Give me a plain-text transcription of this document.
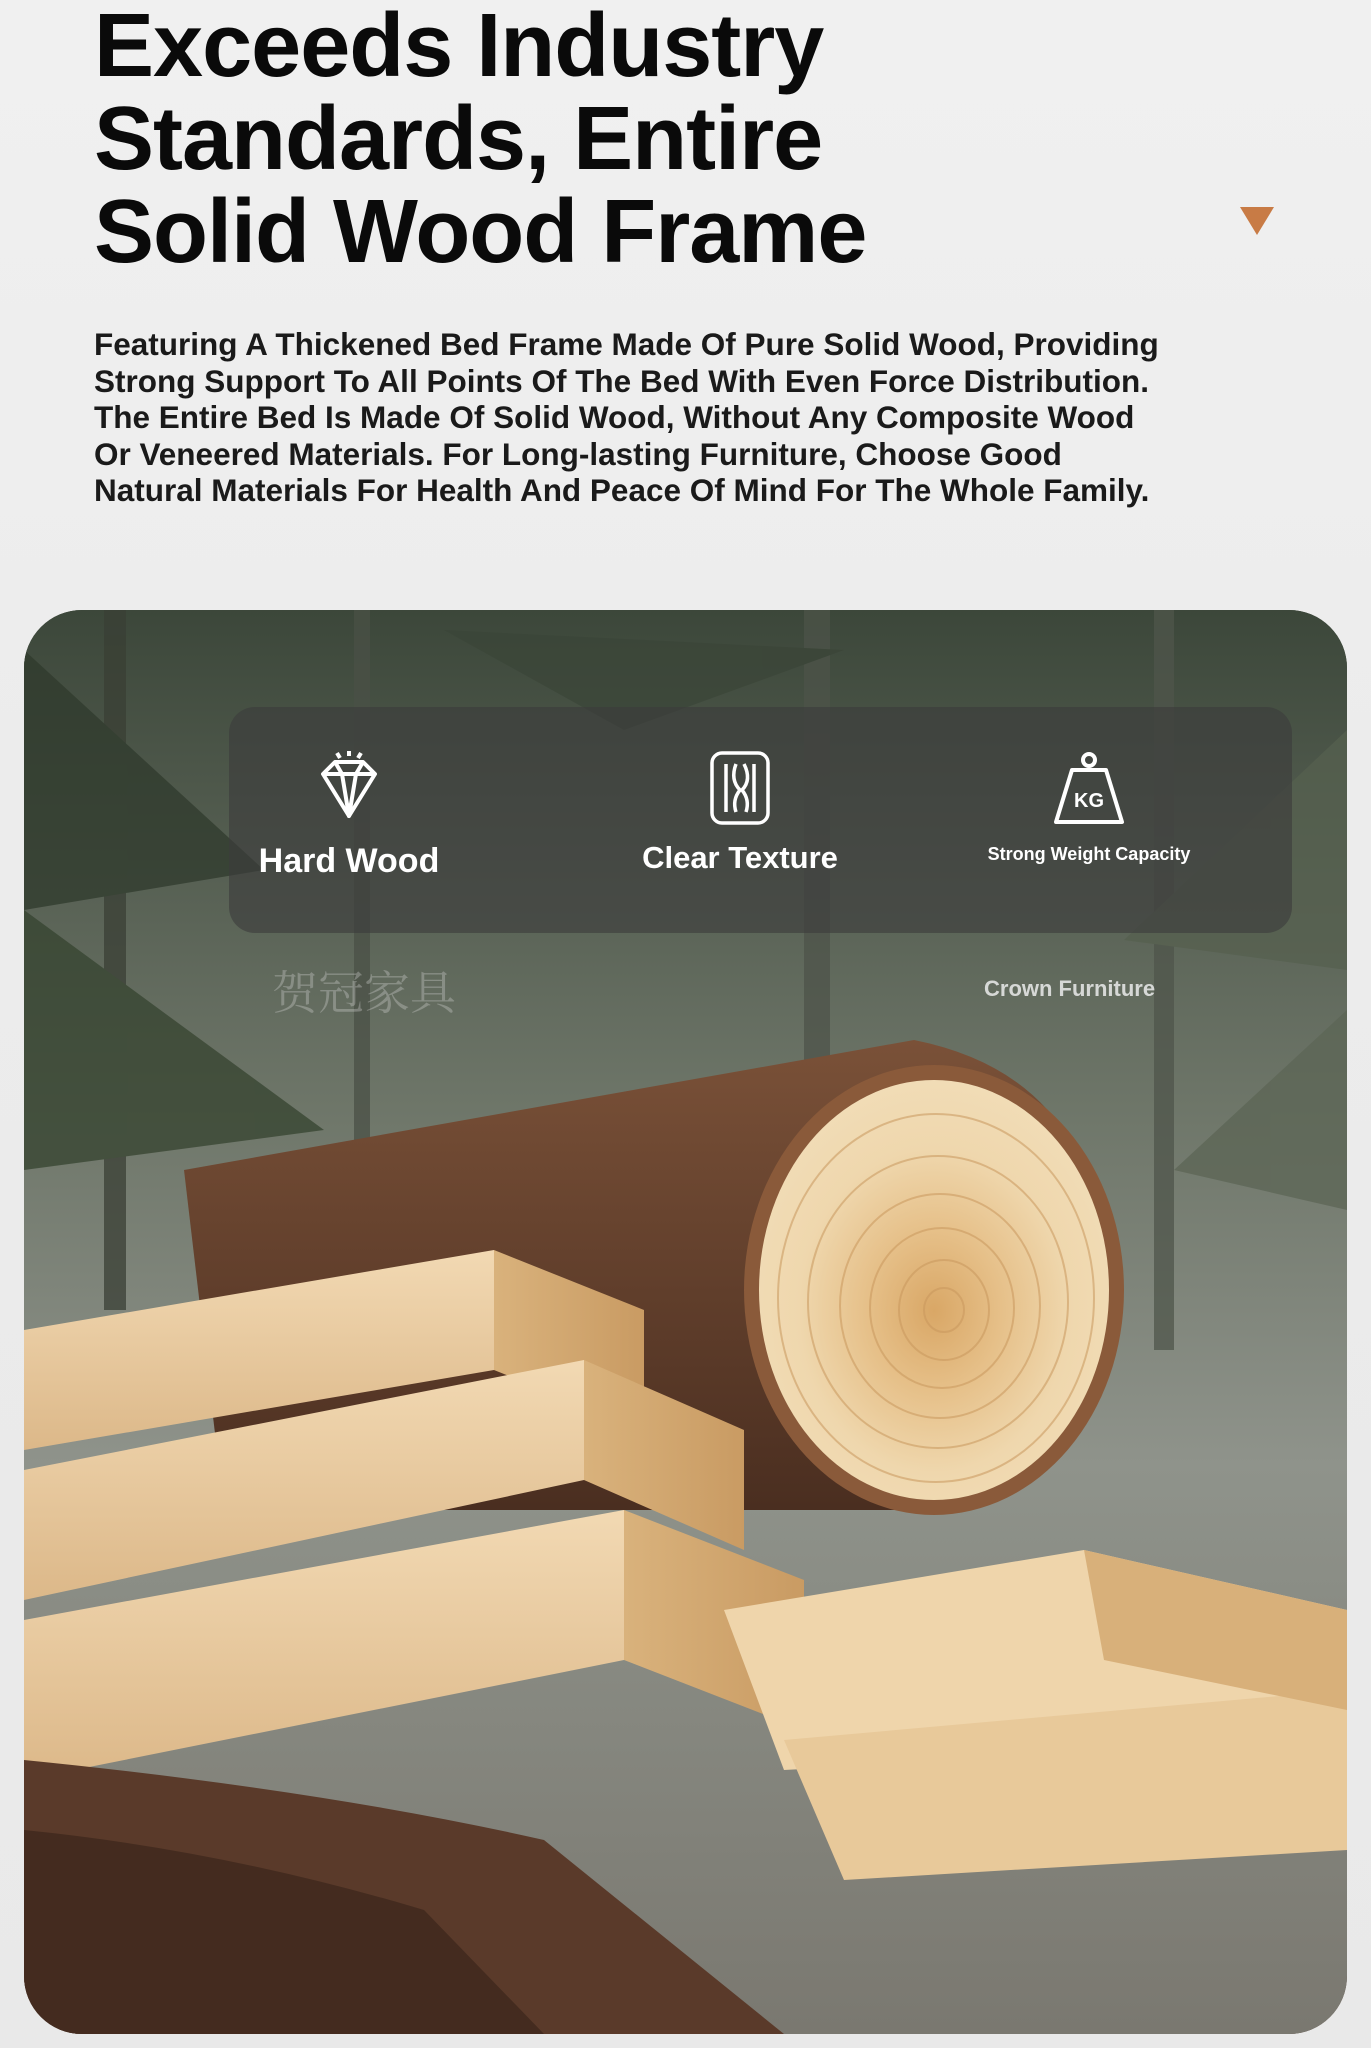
Exceeds Industry
Standards, Entire
Solid Wood Frame

Featuring A Thickened Bed Frame Made Of Pure Solid Wood, Providing
Strong Support To All Points Of The Bed With Even Force Distribution.
The Entire Bed Is Made Of Solid Wood, Without Any Composite Wood
Or Veneered Materials. For Long-lasting Furniture, Choose Good
Natural Materials For Health And Peace Of Mind For The Whole Family.

Hard Wood	Clear Texture
KG
Strong Weight Capacity
贺冠家具	Crown Furniture
